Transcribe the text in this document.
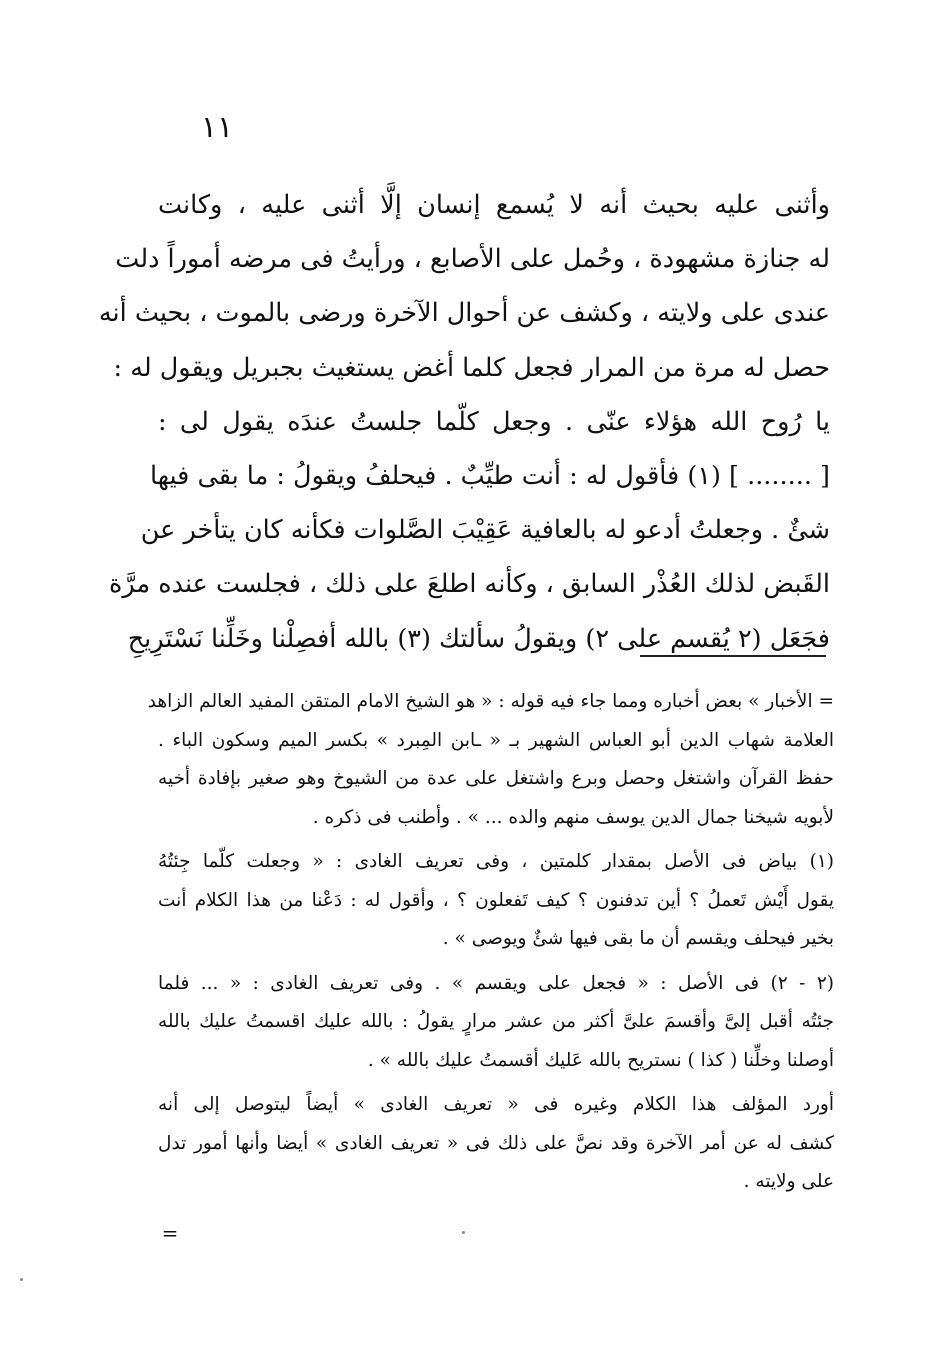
١١
وأثنى عليه بحيث أنه لا يُسمع إنسان إلَّا أثنى عليه ، وكانت
له جنازة مشهودة ، وحُمل على الأصابع ، ورأيتُ فى مرضه أموراً دلت
عندى على ولايته ، وكشف عن أحوال الآخرة ورضى بالموت ، بحيث أنه
حصل له مرة من المرار فجعل كلما أغض يستغيث بجبريل ويقول له :
يا رُوح الله هؤلاء عنّى . وجعل كلّما جلستُ عندَه يقول لى :
[ ........ ] (١) فأقول له : أنت طيِّبٌ . فيحلفُ ويقولُ : ما بقى فيها
شئٌ . وجعلتُ أدعو له بالعافية عَقِيْبَ الصَّلوات فكأنه كان يتأخر عن
القَبض لذلك العُذْر السابق ، وكأنه اطلعَ على ذلك ، فجلست عنده مرَّة
فجَعَل (٢ يُقسم على ٢) ويقولُ سألتك (٣) بالله أفصِلْنا وخَلِّنا نَسْتَرِيحِ
= الأخبار » بعض أخباره ومما جاء فيه قوله : « هو الشيخ الامام المتقن المفيد العالم الزاهد
العلامة شهاب الدين أبو العباس الشهير بـ « ـابن المِبرد » بكسر الميم وسكون الباء .
حفظ القرآن واشتغل وحصل وبرع واشتغل على عدة من الشيوخ وهو صغير بإفادة أخيه
لأبويه شيخنا جمال الدين يوسف منهم والده ... » . وأطنب فى ذكره .
(١) بياض فى الأصل بمقدار كلمتين ، وفى تعريف الغادى : « وجعلت كلّما جِئتُهُ
يقول أَيْش تَعملُ ؟ أين تدفنون ؟ كيف تَفعلون ؟ ، وأقول له : دَعْنا من هذا الكلام أنت
بخير فيحلف ويقسم أن ما بقى فيها شئٌ ويوصى » .
(٢ - ٢) فى الأصل : « فجعل على ويقسم » . وفى تعريف الغادى : « ... فلما
جئتُه أقبل إلىَّ وأقسمَ علىَّ أكثر من عشر مرارٍ يقولُ : بالله عليك اقسمتُ عليك بالله
أوصلنا وخلِّنا ( كذا ) نستريح بالله عَليك أقسمتُ عليك بالله » .
أورد المؤلف هذا الكلام وغيره فى « تعريف الغادى » أيضاً ليتوصل إلى أنه
كشف له عن أمر الآخرة وقد نصَّ على ذلك فى « تعريف الغادى » أيضا وأنها أمور تدل
على ولايته .
=
